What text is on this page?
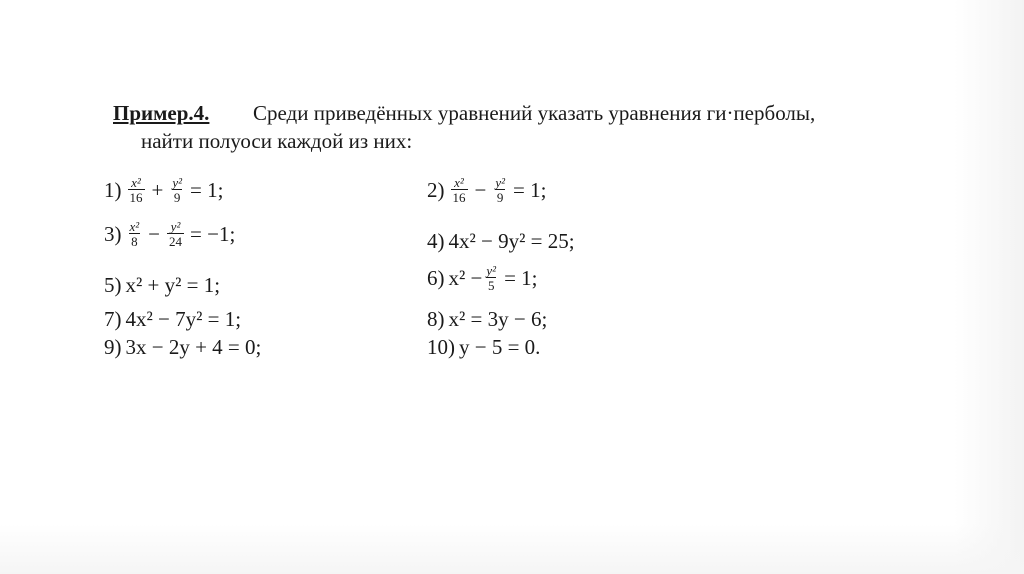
Пример.4. Среди приведённых уравнений указать уравнения ги·перболы,
найти полуоси каждой из них:
$1) \frac{\text{x²}}{16} + \frac{\text{y²}}{9} = 1$;	$2) \frac{\text{x²}}{16} - \frac{\text{y²}}{9} = 1$;
$3) \frac{\text{x²}}{8} - \frac{\text{y²}}{24} = -1$;	4) 4x² − 9y² = 25;
5) x² + y² = 1;	6) $x^2 - \frac{\text{y²}}{5} = 1$;
7) 4x² − 7y² = 1;	8) x² = 3y − 6;
9) 3x − 2y + 4 = 0;	10) y − 5 = 0.
